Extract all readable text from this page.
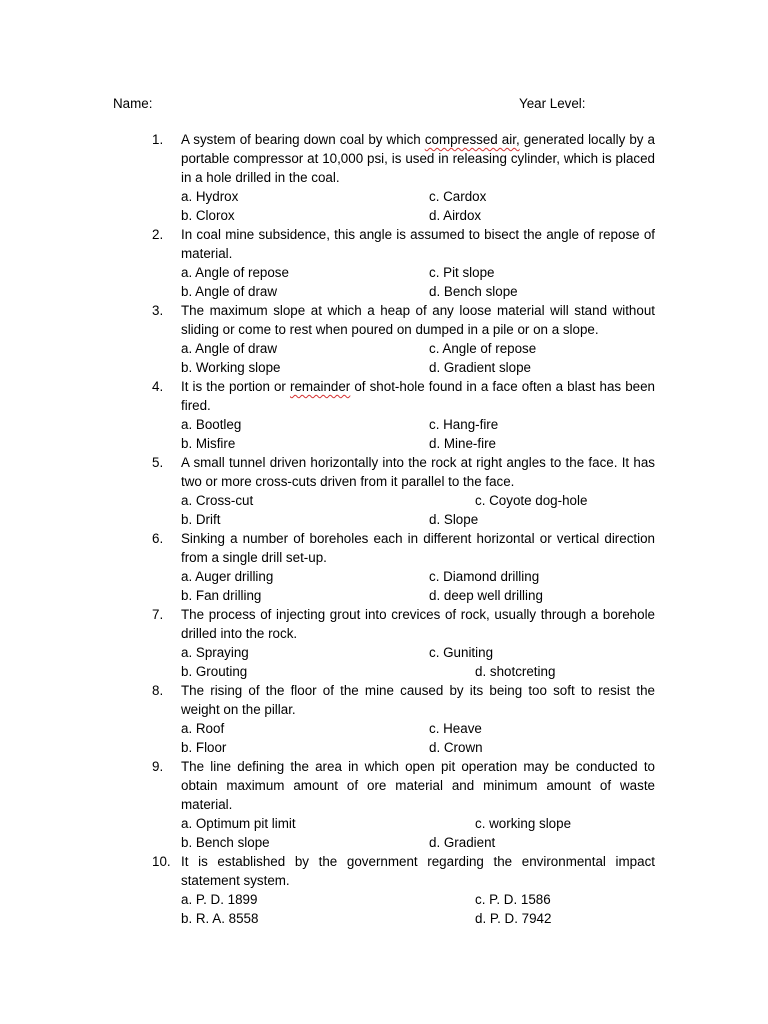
Name:	Year Level:
1. A system of bearing down coal by which compressed air, generated locally by a portable compressor at 10,000 psi, is used in releasing cylinder, which is placed in a hole drilled in the coal.
a. Hydrox	c. Cardox
b. Clorox	d. Airdox
2. In coal mine subsidence, this angle is assumed to bisect the angle of repose of material.
a. Angle of repose	c. Pit slope
b. Angle of draw	d. Bench slope
3. The maximum slope at which a heap of any loose material will stand without sliding or come to rest when poured on dumped in a pile or on a slope.
a. Angle of draw	c. Angle of repose
b. Working slope	d. Gradient slope
4. It is the portion or remainder of shot-hole found in a face often a blast has been fired.
a. Bootleg	c. Hang-fire
b. Misfire	d. Mine-fire
5. A small tunnel driven horizontally into the rock at right angles to the face. It has two or more cross-cuts driven from it parallel to the face.
a. Cross-cut	c. Coyote dog-hole
b. Drift	d. Slope
6. Sinking a number of boreholes each in different horizontal or vertical direction from a single drill set-up.
a. Auger drilling	c. Diamond drilling
b. Fan drilling	d. deep well drilling
7. The process of injecting grout into crevices of rock, usually through a borehole drilled into the rock.
a. Spraying	c. Guniting
b. Grouting	d. shotcreting
8. The rising of the floor of the mine caused by its being too soft to resist the weight on the pillar.
a. Roof	c. Heave
b. Floor	d. Crown
9. The line defining the area in which open pit operation may be conducted to obtain maximum amount of ore material and minimum amount of waste material.
a. Optimum pit limit	c. working slope
b. Bench slope	d. Gradient
10. It is established by the government regarding the environmental impact statement system.
a. P. D. 1899	c. P. D. 1586
b. R. A. 8558	d. P. D. 7942
